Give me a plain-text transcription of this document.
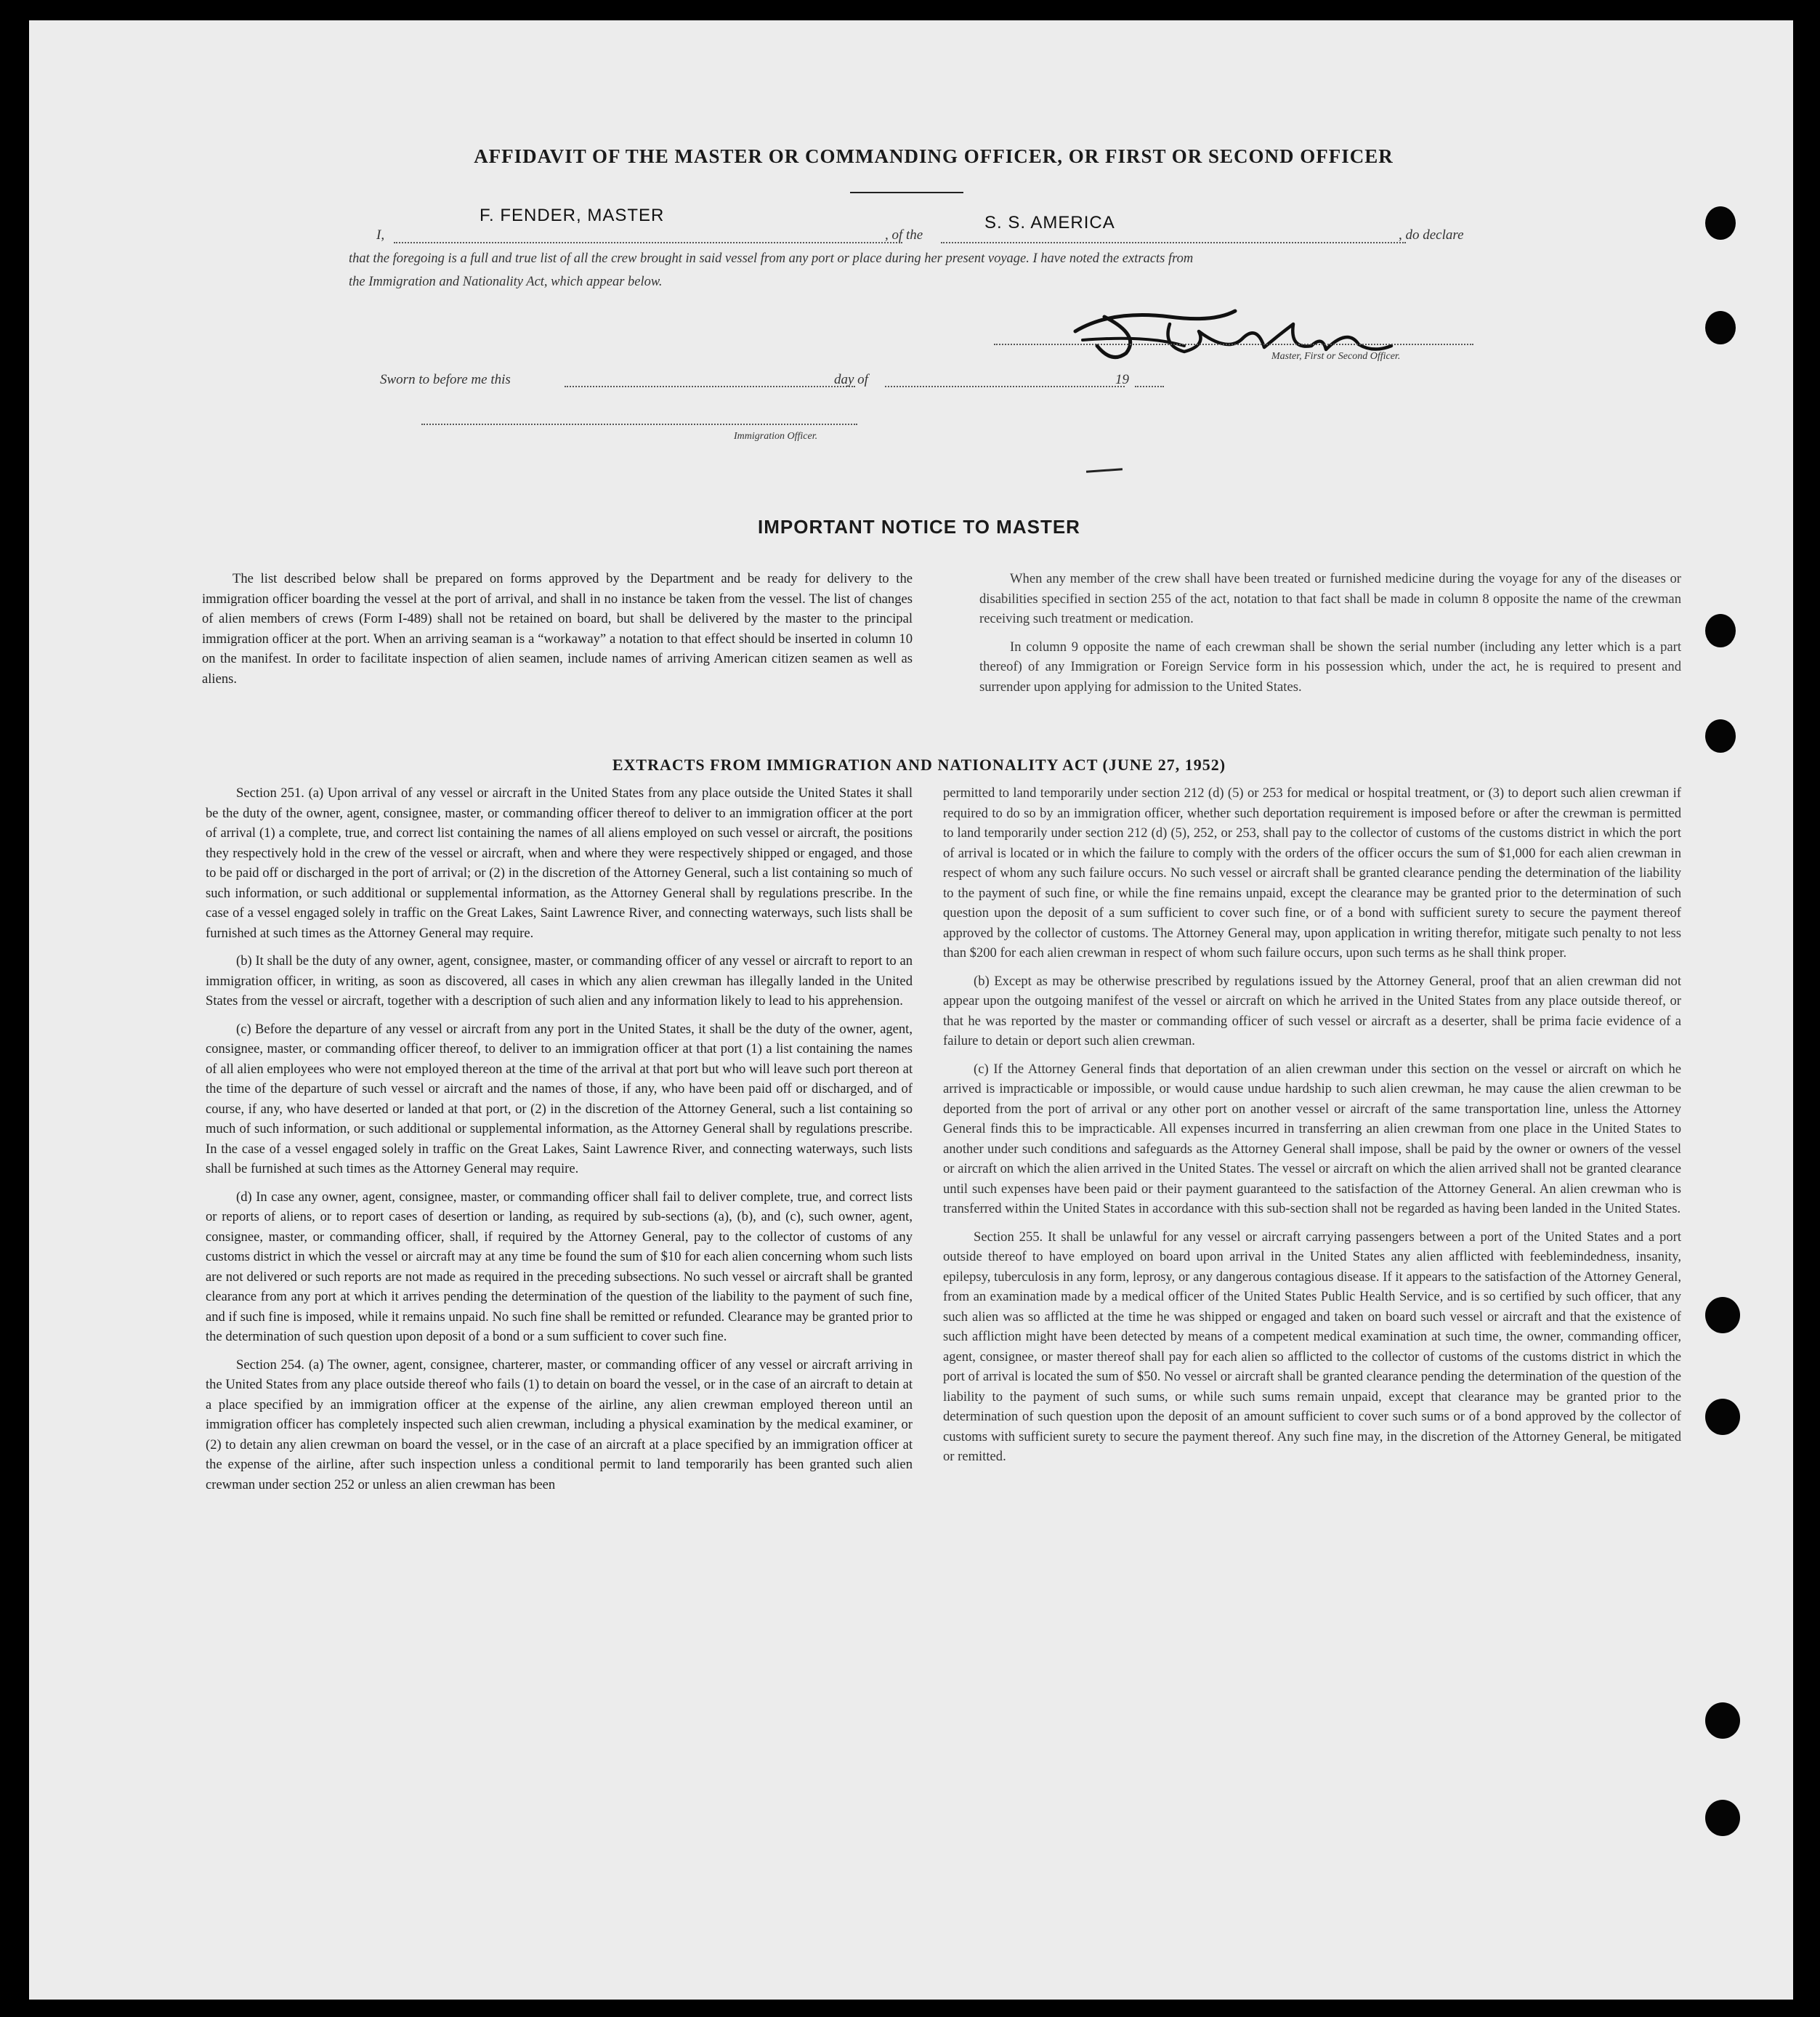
AFFIDAVIT OF THE MASTER OR COMMANDING OFFICER, OR FIRST OR SECOND OFFICER
I,
F. FENDER, MASTER
, of the
S. S. AMERICA
, do declare
that the foregoing is a full and true list of all the crew brought in said vessel from any port or place during her present voyage. I have noted the extracts from
the Immigration and Nationality Act, which appear below.
Master, First or Second Officer.
Sworn to before me this	day of	19
Immigration Officer.
IMPORTANT NOTICE TO MASTER

The list described below shall be prepared on forms approved by the Department and be ready for delivery to the immigration officer boarding the vessel at the port of arrival, and shall in no instance be taken from the vessel. The list of changes of alien members of crews (Form I-489) shall not be retained on board, but shall be delivered by the master to the principal immigration officer at the port. When an arriving seaman is a “workaway” a notation to that effect should be inserted in column 10 on the manifest. In order to facilitate inspection of alien seamen, include names of arriving American citizen seamen as well as aliens.

When any member of the crew shall have been treated or furnished medicine during the voyage for any of the diseases or disabilities specified in section 255 of the act, notation to that fact shall be made in column 8 opposite the name of the crewman receiving such treatment or medication.

In column 9 opposite the name of each crewman shall be shown the serial number (including any letter which is a part thereof) of any Immigration or Foreign Service form in his possession which, under the act, he is required to present and surrender upon applying for admission to the United States.

EXTRACTS FROM IMMIGRATION AND NATIONALITY ACT (JUNE 27, 1952)

Section 251. (a) Upon arrival of any vessel or aircraft in the United States from any place outside the United States it shall be the duty of the owner, agent, consignee, master, or commanding officer thereof to deliver to an immigration officer at the port of arrival (1) a complete, true, and correct list containing the names of all aliens employed on such vessel or aircraft, the positions they respectively hold in the crew of the vessel or aircraft, when and where they were respectively shipped or engaged, and those to be paid off or discharged in the port of arrival; or (2) in the discretion of the Attorney General, such a list containing so much of such information, or such additional or supplemental information, as the Attorney General shall by regulations prescribe. In the case of a vessel engaged solely in traffic on the Great Lakes, Saint Lawrence River, and connecting waterways, such lists shall be furnished at such times as the Attorney General may require.

(b) It shall be the duty of any owner, agent, consignee, master, or commanding officer of any vessel or aircraft to report to an immigration officer, in writing, as soon as discovered, all cases in which any alien crewman has illegally landed in the United States from the vessel or aircraft, together with a description of such alien and any information likely to lead to his apprehension.

(c) Before the departure of any vessel or aircraft from any port in the United States, it shall be the duty of the owner, agent, consignee, master, or commanding officer thereof, to deliver to an immigration officer at that port (1) a list containing the names of all alien employees who were not employed thereon at the time of the arrival at that port but who will leave such port thereon at the time of the departure of such vessel or aircraft and the names of those, if any, who have been paid off or discharged, and of course, if any, who have deserted or landed at that port, or (2) in the discretion of the Attorney General, such a list containing so much of such information, or such additional or supplemental information, as the Attorney General shall by regulations prescribe. In the case of a vessel engaged solely in traffic on the Great Lakes, Saint Lawrence River, and connecting waterways, such lists shall be furnished at such times as the Attorney General may require.

(d) In case any owner, agent, consignee, master, or commanding officer shall fail to deliver complete, true, and correct lists or reports of aliens, or to report cases of desertion or landing, as required by sub-sections (a), (b), and (c), such owner, agent, consignee, master, or commanding officer, shall, if required by the Attorney General, pay to the collector of customs of any customs district in which the vessel or aircraft may at any time be found the sum of $10 for each alien concerning whom such lists are not delivered or such reports are not made as required in the preceding subsections. No such vessel or aircraft shall be granted clearance from any port at which it arrives pending the determination of the question of the liability to the payment of such fine, and if such fine is imposed, while it remains unpaid. No such fine shall be remitted or refunded. Clearance may be granted prior to the determination of such question upon deposit of a bond or a sum sufficient to cover such fine.

Section 254. (a) The owner, agent, consignee, charterer, master, or commanding officer of any vessel or aircraft arriving in the United States from any place outside thereof who fails (1) to detain on board the vessel, or in the case of an aircraft to detain at a place specified by an immigration officer at the expense of the airline, any alien crewman employed thereon until an immigration officer has completely inspected such alien crewman, including a physical examination by the medical examiner, or (2) to detain any alien crewman on board the vessel, or in the case of an aircraft at a place specified by an immigration officer at the expense of the airline, after such inspection unless a conditional permit to land temporarily has been granted such alien crewman under section 252 or unless an alien crewman has been

permitted to land temporarily under section 212 (d) (5) or 253 for medical or hospital treatment, or (3) to deport such alien crewman if required to do so by an immigration officer, whether such deportation requirement is imposed before or after the crewman is permitted to land temporarily under section 212 (d) (5), 252, or 253, shall pay to the collector of customs of the customs district in which the port of arrival is located or in which the failure to comply with the orders of the officer occurs the sum of $1,000 for each alien crewman in respect of whom any such failure occurs. No such vessel or aircraft shall be granted clearance pending the determination of the liability to the payment of such fine, or while the fine remains unpaid, except the clearance may be granted prior to the determination of such question upon the deposit of a sum sufficient to cover such fine, or of a bond with sufficient surety to secure the payment thereof approved by the collector of customs. The Attorney General may, upon application in writing therefor, mitigate such penalty to not less than $200 for each alien crewman in respect of whom such failure occurs, upon such terms as he shall think proper.

(b) Except as may be otherwise prescribed by regulations issued by the Attorney General, proof that an alien crewman did not appear upon the outgoing manifest of the vessel or aircraft on which he arrived in the United States from any place outside thereof, or that he was reported by the master or commanding officer of such vessel or aircraft as a deserter, shall be prima facie evidence of a failure to detain or deport such alien crewman.

(c) If the Attorney General finds that deportation of an alien crewman under this section on the vessel or aircraft on which he arrived is impracticable or impossible, or would cause undue hardship to such alien crewman, he may cause the alien crewman to be deported from the port of arrival or any other port on another vessel or aircraft of the same transportation line, unless the Attorney General finds this to be impracticable. All expenses incurred in transferring an alien crewman from one place in the United States to another under such conditions and safeguards as the Attorney General shall impose, shall be paid by the owner or owners of the vessel or aircraft on which the alien arrived in the United States. The vessel or aircraft on which the alien arrived shall not be granted clearance until such expenses have been paid or their payment guaranteed to the satisfaction of the Attorney General. An alien crewman who is transferred within the United States in accordance with this sub-section shall not be regarded as having been landed in the United States.

Section 255. It shall be unlawful for any vessel or aircraft carrying passengers between a port of the United States and a port outside thereof to have employed on board upon arrival in the United States any alien afflicted with feeblemindedness, insanity, epilepsy, tuberculosis in any form, leprosy, or any dangerous contagious disease. If it appears to the satisfaction of the Attorney General, from an examination made by a medical officer of the United States Public Health Service, and is so certified by such officer, that any such alien was so afflicted at the time he was shipped or engaged and taken on board such vessel or aircraft and that the existence of such affliction might have been detected by means of a competent medical examination at such time, the owner, commanding officer, agent, consignee, or master thereof shall pay for each alien so afflicted to the collector of customs of the customs district in which the port of arrival is located the sum of $50. No vessel or aircraft shall be granted clearance pending the determination of the question of the liability to the payment of such sums, or while such sums remain unpaid, except that clearance may be granted prior to the determination of such question upon the deposit of an amount sufficient to cover such sums or of a bond approved by the collector of customs with sufficient surety to secure the payment thereof. Any such fine may, in the discretion of the Attorney General, be mitigated or remitted.
